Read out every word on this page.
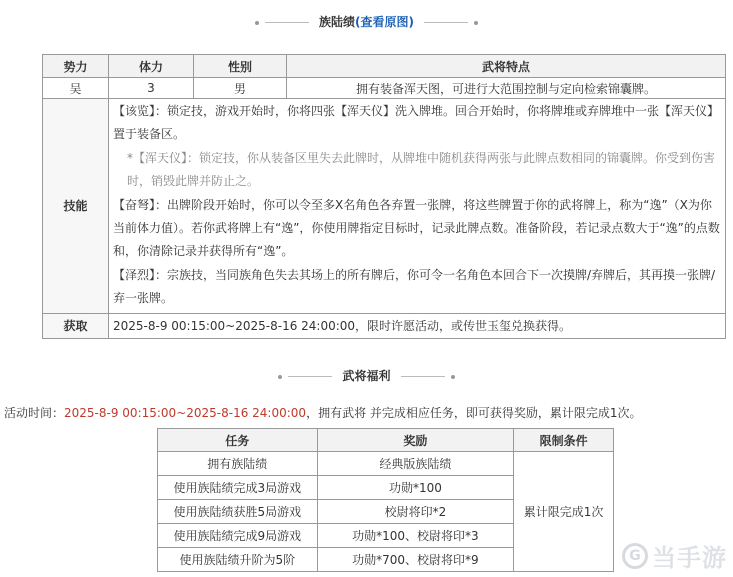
族陆绩(查看原图)
势力	体力	性别	武将特点
吴	3	男	拥有装备浑天图，可进行大范围控制与定向检索锦囊牌。
技能	【该览】：锁定技，游戏开始时，你将四张【浑天仪】洗入牌堆。回合开始时，你将牌堆或弃牌堆中一张【浑天仪】置于装备区。

*【浑天仪】：锁定技，你从装备区里失去此牌时，从牌堆中随机获得两张与此牌点数相同的锦囊牌。你受到伤害时，销毁此牌并防止之。

【奋弩】：出牌阶段开始时，你可以令至多X名角色各弃置一张牌，将这些牌置于你的武将牌上，称为“逸”（X为你当前体力值）。若你武将牌上有“逸”，你使用牌指定目标时，记录此牌点数。准备阶段，若记录点数大于“逸”的点数和，你清除记录并获得所有“逸”。

【泽烈】：宗族技，当同族角色失去其场上的所有牌后，你可令一名角色本回合下一次摸牌/弃牌后，其再摸一张牌/弃一张牌。		

获取	2025-8-9 00:15:00~2025-8-16 24:00:00，限时许愿活动，或传世玉玺兑换获得。		
武将福利
活动时间：2025-8-9 00:15:00~2025-8-16 24:00:00，拥有武将 并完成相应任务，即可获得奖励，累计限完成1次。
任务	奖励	限制条件
拥有族陆绩	经典版族陆绩	累计限完成1次
使用族陆绩完成3局游戏	功勋*100	
使用族陆绩获胜5局游戏	校尉将印*2	
使用族陆绩完成9局游戏	功勋*100、校尉将印*3	
使用族陆绩升阶为5阶	功勋*700、校尉将印*9		G 当手游
